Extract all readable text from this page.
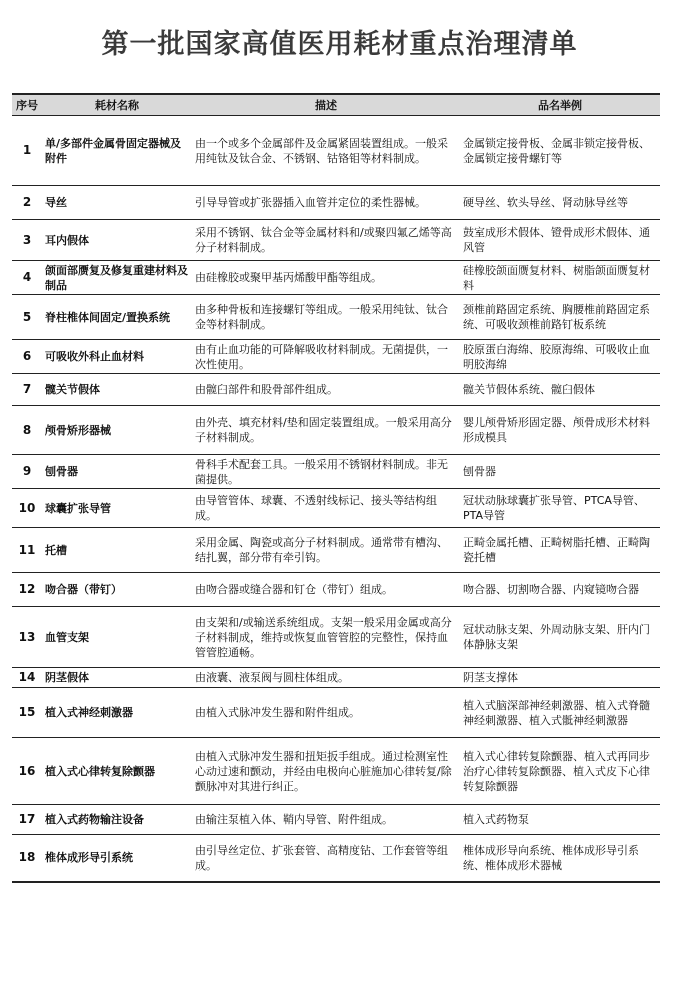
第一批国家高值医用耗材重点治理清单
序号	耗材名称	描述	品名举例
1	单/多部件金属骨固定器械及附件	由一个或多个金属部件及金属紧固装置组成。一般采用纯钛及钛合金、不锈钢、钴铬钼等材料制成。	金属锁定接骨板、金属非锁定接骨板、金属锁定接骨螺钉等
2	导丝	引导导管或扩张器插入血管并定位的柔性器械。	硬导丝、软头导丝、肾动脉导丝等
3	耳内假体	采用不锈钢、钛合金等金属材料和/或聚四氟乙烯等高分子材料制成。	鼓室成形术假体、镫骨成形术假体、通风管
4	颌面部赝复及修复重建材料及制品	由硅橡胶或聚甲基丙烯酸甲酯等组成。	硅橡胶颌面赝复材料、树脂颌面赝复材料
5	脊柱椎体间固定/置换系统	由多种骨板和连接螺钉等组成。一般采用纯钛、钛合金等材料制成。	颈椎前路固定系统、胸腰椎前路固定系统、可吸收颈椎前路钉板系统
6	可吸收外科止血材料	由有止血功能的可降解吸收材料制成。无菌提供，一次性使用。	胶原蛋白海绵、胶原海绵、可吸收止血明胶海绵
7	髋关节假体	由髋臼部件和股骨部件组成。	髋关节假体系统、髋臼假体
8	颅骨矫形器械	由外壳、填充材料/垫和固定装置组成。一般采用高分子材料制成。	婴儿颅骨矫形固定器、颅骨成形术材料形成模具
9	刨骨器	骨科手术配套工具。一般采用不锈钢材料制成。非无菌提供。	刨骨器
10	球囊扩张导管	由导管管体、球囊、不透射线标记、接头等结构组成。	冠状动脉球囊扩张导管、PTCA导管、PTA导管
11	托槽	采用金属、陶瓷或高分子材料制成。通常带有槽沟、结扎翼，部分带有牵引钩。	正畸金属托槽、正畸树脂托槽、正畸陶瓷托槽
12	吻合器（带钉）	由吻合器或缝合器和钉仓（带钉）组成。	吻合器、切割吻合器、内窥镜吻合器
13	血管支架	由支架和/或输送系统组成。支架一般采用金属或高分子材料制成，维持或恢复血管管腔的完整性，保持血管管腔通畅。	冠状动脉支架、外周动脉支架、肝内门体静脉支架
14	阴茎假体	由液囊、液泵阀与圆柱体组成。	阴茎支撑体
15	植入式神经刺激器	由植入式脉冲发生器和附件组成。	植入式脑深部神经刺激器、植入式脊髓神经刺激器、植入式骶神经刺激器
16	植入式心律转复除颤器	由植入式脉冲发生器和扭矩扳手组成。通过检测室性心动过速和颤动，并经由电极向心脏施加心律转复/除颤脉冲对其进行纠正。	植入式心律转复除颤器、植入式再同步治疗心律转复除颤器、植入式皮下心律转复除颤器
17	植入式药物输注设备	由输注泵植入体、鞘内导管、附件组成。	植入式药物泵
18	椎体成形导引系统	由引导丝定位、扩张套管、高精度钻、工作套管等组成。	椎体成形导向系统、椎体成形导引系统、椎体成形术器械
